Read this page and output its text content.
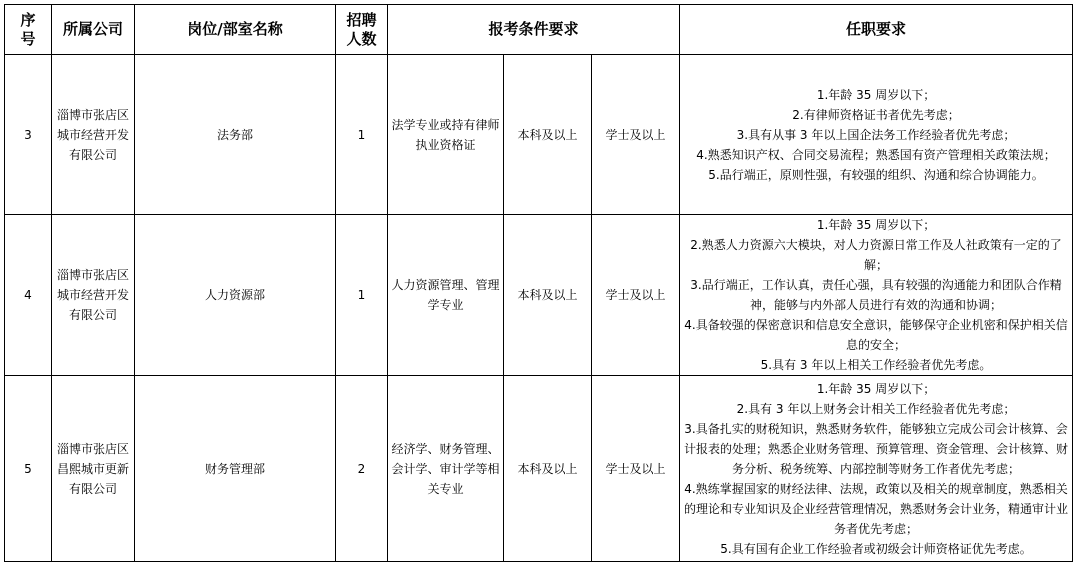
序号	所属公司	岗位/部室名称	招聘人数	报考条件要求			任职要求
3	淄博市张店区城市经营开发有限公司	法务部	1	法学专业或持有律师执业资格证	本科及以上	学士及以上	1.年龄 35 周岁以下；
2.有律师资格证书者优先考虑；
3.具有从事 3 年以上国企法务工作经验者优先考虑；
4.熟悉知识产权、合同交易流程；熟悉国有资产管理相关政策法规；
5.品行端正，原则性强，有较强的组织、沟通和综合协调能力。

4	淄博市张店区城市经营开发有限公司	人力资源部	1	人力资源管理、管理学专业	本科及以上	学士及以上	1.年龄 35 周岁以下；
2.熟悉人力资源六大模块，对人力资源日常工作及人社政策有一定的了解；
3.品行端正，工作认真，责任心强，具有较强的沟通能力和团队合作精神，能够与内外部人员进行有效的沟通和协调；
4.具备较强的保密意识和信息安全意识，能够保守企业机密和保护相关信息的安全；
5.具有 3 年以上相关工作经验者优先考虑。

5	淄博市张店区昌熙城市更新有限公司	财务管理部	2	经济学、财务管理、会计学、审计学等相关专业	本科及以上	学士及以上	1.年龄 35 周岁以下；
2.具有 3 年以上财务会计相关工作经验者优先考虑；
3.具备扎实的财税知识，熟悉财务软件，能够独立完成公司会计核算、会计报表的处理；熟悉企业财务管理、预算管理、资金管理、会计核算、财务分析、税务统筹、内部控制等财务工作者优先考虑；
4.熟练掌握国家的财经法律、法规，政策以及相关的规章制度，熟悉相关的理论和专业知识及企业经营管理情况，熟悉财务会计业务，精通审计业务者优先考虑；
5.具有国有企业工作经验者或初级会计师资格证优先考虑。
